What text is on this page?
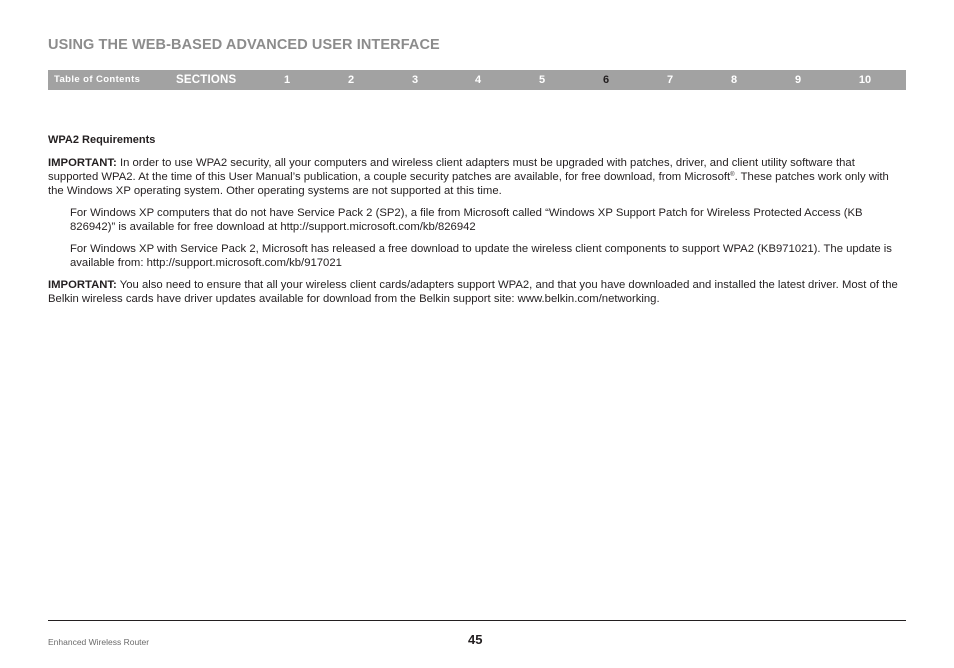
USING THE WEB-BASED ADVANCED USER INTERFACE
Table of Contents	SECTIONS	1	2	3	4	5	6	7	8	9	10
WPA2 Requirements

IMPORTANT: In order to use WPA2 security, all your computers and wireless client adapters must be upgraded with patches, driver, and client utility software that supported WPA2. At the time of this User Manual’s publication, a couple security patches are available, for free download, from Microsoft®. These patches work only with the Windows XP operating system. Other operating systems are not supported at this time.

For Windows XP computers that do not have Service Pack 2 (SP2), a file from Microsoft called “Windows XP Support Patch for Wireless Protected Access (KB 826942)” is available for free download at http://support.microsoft.com/kb/826942

For Windows XP with Service Pack 2, Microsoft has released a free download to update the wireless client components to support WPA2 (KB971021). The update is available from: http://support.microsoft.com/kb/917021

IMPORTANT: You also need to ensure that all your wireless client cards/adapters support WPA2, and that you have downloaded and installed the latest driver. Most of the Belkin wireless cards have driver updates available for download from the Belkin support site: www.belkin.com/networking.

Enhanced Wireless Router	45
